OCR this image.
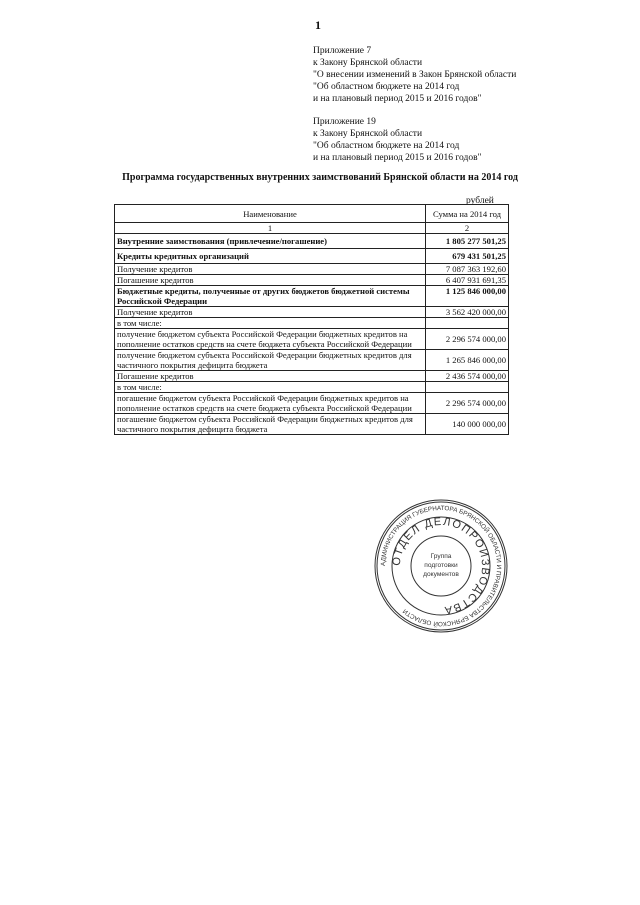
1
Приложение 7
к Закону Брянской области
"О внесении изменений в Закон Брянской области
"Об областном бюджете на 2014 год
и на плановый период 2015 и 2016 годов"
Приложение 19
к Закону Брянской области
"Об областном бюджете на 2014 год
и на плановый период 2015 и 2016 годов"
Программа государственных внутренних заимствований Брянской области на 2014 год
рублей
Наименование	Сумма на 2014 год
1	2
Внутренние заимствования (привлечение/погашение)	1 805 277 501,25
Кредиты кредитных организаций	679 431 501,25
Получение кредитов	7 087 363 192,60
Погашение кредитов	6 407 931 691,35
Бюджетные кредиты, полученные от других бюджетов бюджетной системы Российской Федерации	1 125 846 000,00
Получение кредитов	3 562 420 000,00
в том числе:	
получение бюджетом субъекта Российской Федерации бюджетных кредитов на пополнение остатков средств на счете бюджета субъекта Российской Федерации	2 296 574 000,00
получение бюджетом субъекта Российской Федерации бюджетных кредитов для частичного покрытия дефицита бюджета	1 265 846 000,00
Погашение кредитов	2 436 574 000,00
в том числе:	
погашение бюджетом субъекта Российской Федерации бюджетных кредитов на пополнение остатков средств на счете бюджета субъекта Российской Федерации	2 296 574 000,00
погашение бюджетом субъекта Российской Федерации бюджетных кредитов для частичного покрытия дефицита бюджета	140 000 000,00
АДМИНИСТРАЦИЯ ГУБЕРНАТОРА БРЯНСКОЙ ОБЛАСТИ И ПРАВИТЕЛЬСТВА БРЯНСКОЙ ОБЛАСТИ
ОТДЕЛ ДЕЛОПРОИЗВОДСТВА
Группа
подготовки
документов
